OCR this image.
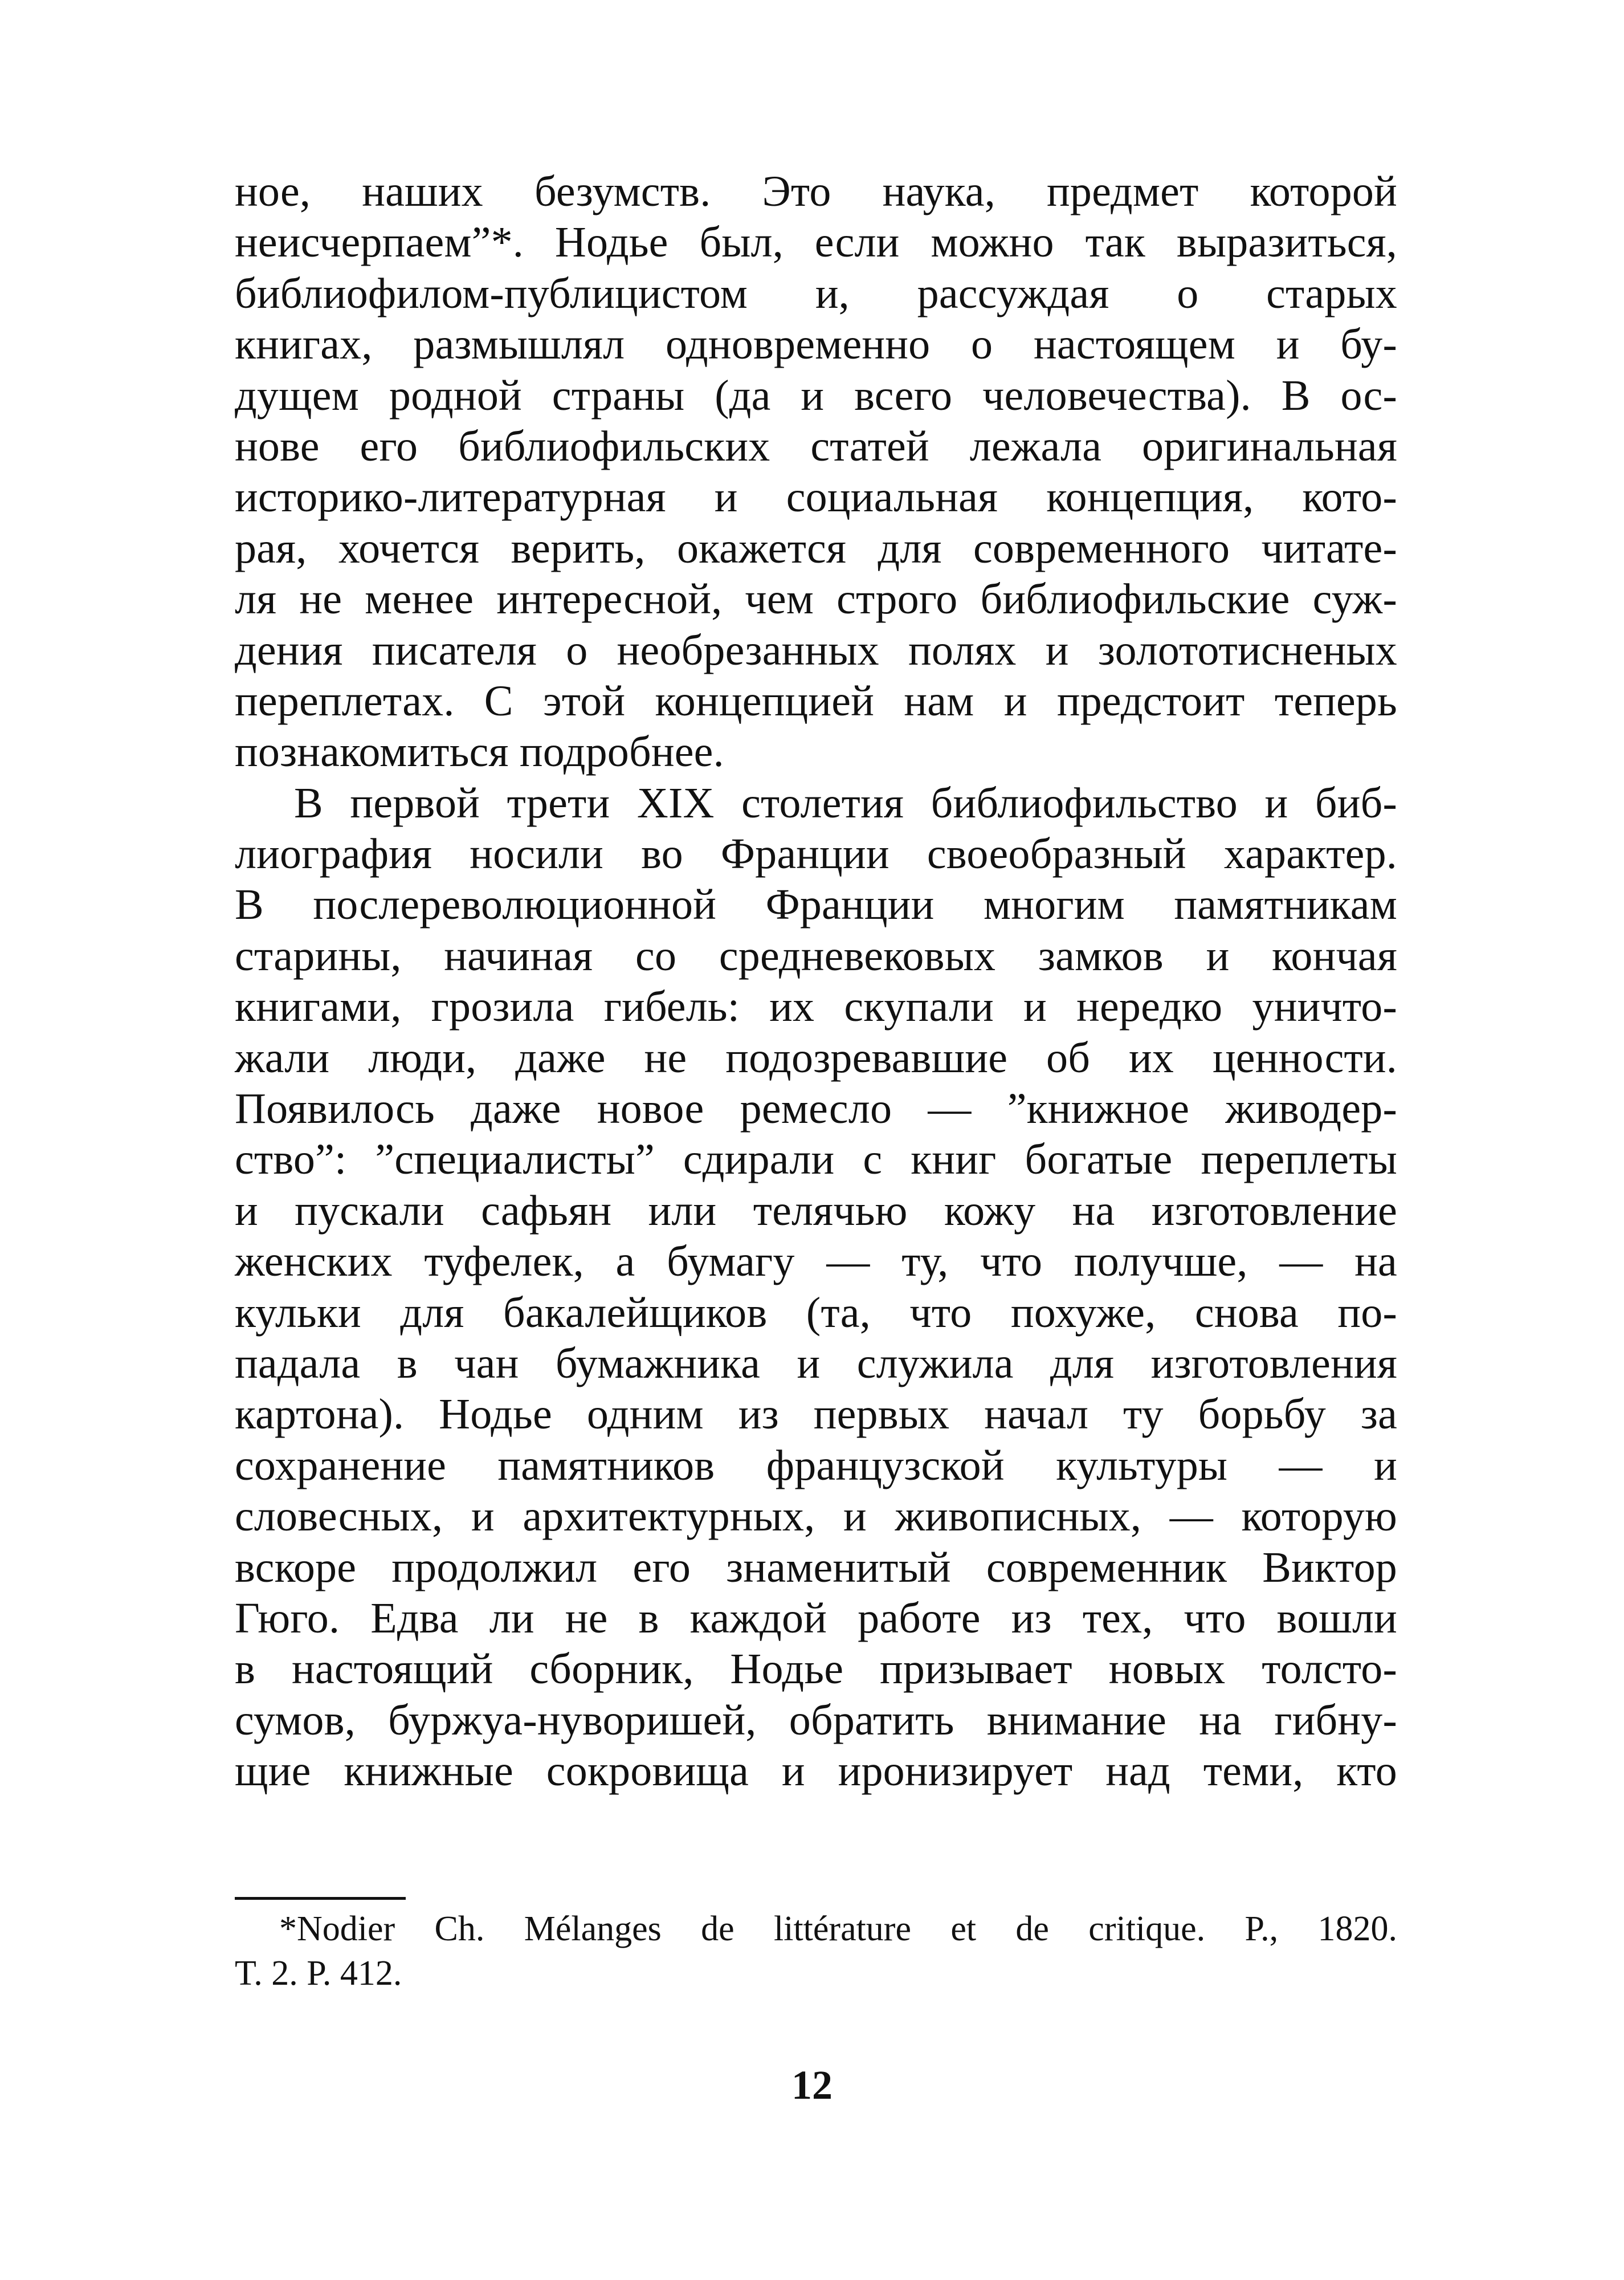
ное, наших безумств. Это наука, предмет которой
неисчерпаем”*. Нодье был, если можно так выразиться,
библиофилом-публицистом и, рассуждая о старых
книгах, размышлял одновременно о настоящем и бу-
дущем родной страны (да и всего человечества). В ос-
нове его библиофильских статей лежала оригинальная
историко-литературная и социальная концепция, кото-
рая, хочется верить, окажется для современного читате-
ля не менее интересной, чем строго библиофильские суж-
дения писателя о необрезанных полях и золототисненых
переплетах. С этой концепцией нам и предстоит теперь
познакомиться подробнее.
В первой трети XIX столетия библиофильство и биб-
лиография носили во Франции своеобразный характер.
В послереволюционной Франции многим памятникам
старины, начиная со средневековых замков и кончая
книгами, грозила гибель: их скупали и нередко уничто-
жали люди, даже не подозревавшие об их ценности.
Появилось даже новое ремесло — ”книжное живодер-
ство”: ”специалисты” сдирали с книг богатые переплеты
и пускали сафьян или телячью кожу на изготовление
женских туфелек, а бумагу — ту, что получше, — на
кульки для бакалейщиков (та, что похуже, снова по-
падала в чан бумажника и служила для изготовления
картона). Нодье одним из первых начал ту борьбу за
сохранение памятников французской культуры — и
словесных, и архитектурных, и живописных, — которую
вскоре продолжил его знаменитый современник Виктор
Гюго. Едва ли не в каждой работе из тех, что вошли
в настоящий сборник, Нодье призывает новых толсто-
сумов, буржуа-нуворишей, обратить внимание на гибну-
щие книжные сокровища и иронизирует над теми, кто
*Nodier Ch. Mélanges de littérature et de critique. P., 1820.
T. 2. P. 412.
12
